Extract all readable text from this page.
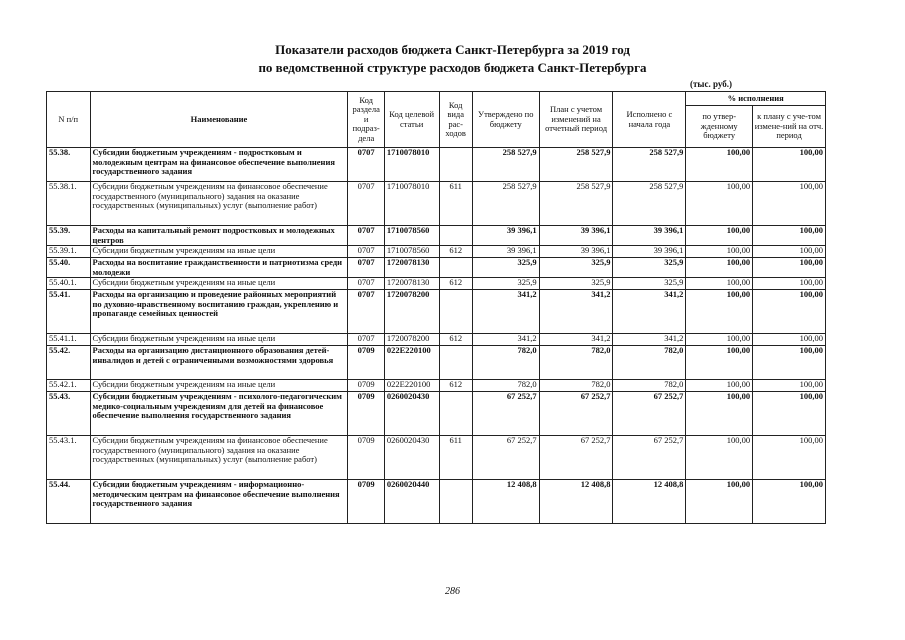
Показатели расходов бюджета Санкт-Петербурга за 2019 год
по ведомственной структуре расходов бюджета Санкт-Петербурга
(тыс. руб.)
N п/п	Наименование	Код раздела и подраз-дела	Код целевой статьи	Код вида рас-ходов	Утверждено по бюджету	План с учетом изменений на отчетный период	Исполнено с начала года	% исполнения	
								по утвер-жденному бюджету	к плану с уче-том измене-ний на отч. период
55.38.	Субсидии бюджетным учреждениям - подростковым и молодежным центрам на финансовое обеспечение выполнения государственного задания	0707	1710078010		258 527,9	258 527,9	258 527,9	100,00	100,00
55.38.1.	Субсидии бюджетным учреждениям на финансовое обеспечение государственного (муниципального) задания на оказание государственных (муниципальных) услуг (выполнение работ)	0707	1710078010	611	258 527,9	258 527,9	258 527,9	100,00	100,00
55.39.	Расходы на капитальный ремонт подростковых и молодежных центров	0707	1710078560		39 396,1	39 396,1	39 396,1	100,00	100,00
55.39.1.	Субсидии бюджетным учреждениям на иные цели	0707	1710078560	612	39 396,1	39 396,1	39 396,1	100,00	100,00
55.40.	Расходы на воспитание гражданственности и патриотизма среди молодежи	0707	1720078130		325,9	325,9	325,9	100,00	100,00
55.40.1.	Субсидии бюджетным учреждениям на иные цели	0707	1720078130	612	325,9	325,9	325,9	100,00	100,00
55.41.	Расходы на организацию и проведение районных мероприятий по духовно-нравственному воспитанию граждан, укреплению и пропаганде семейных ценностей	0707	1720078200		341,2	341,2	341,2	100,00	100,00
55.41.1.	Субсидии бюджетным учреждениям на иные цели	0707	1720078200	612	341,2	341,2	341,2	100,00	100,00
55.42.	Расходы на организацию дистанционного образования детей-инвалидов и детей с ограниченными возможностями здоровья	0709	022E220100		782,0	782,0	782,0	100,00	100,00
55.42.1.	Субсидии бюджетным учреждениям на иные цели	0709	022E220100	612	782,0	782,0	782,0	100,00	100,00
55.43.	Субсидии бюджетным учреждениям - психолого-педагогическим медико-социальным учреждениям для детей на финансовое обеспечение выполнения государственного задания	0709	0260020430		67 252,7	67 252,7	67 252,7	100,00	100,00
55.43.1.	Субсидии бюджетным учреждениям на финансовое обеспечение государственного (муниципального) задания на оказание государственных (муниципальных) услуг (выполнение работ)	0709	0260020430	611	67 252,7	67 252,7	67 252,7	100,00	100,00
55.44.	Субсидии бюджетным учреждениям - информационно-методическим центрам на финансовое обеспечение выполнения государственного задания	0709	0260020440		12 408,8	12 408,8	12 408,8	100,00	100,00
286
